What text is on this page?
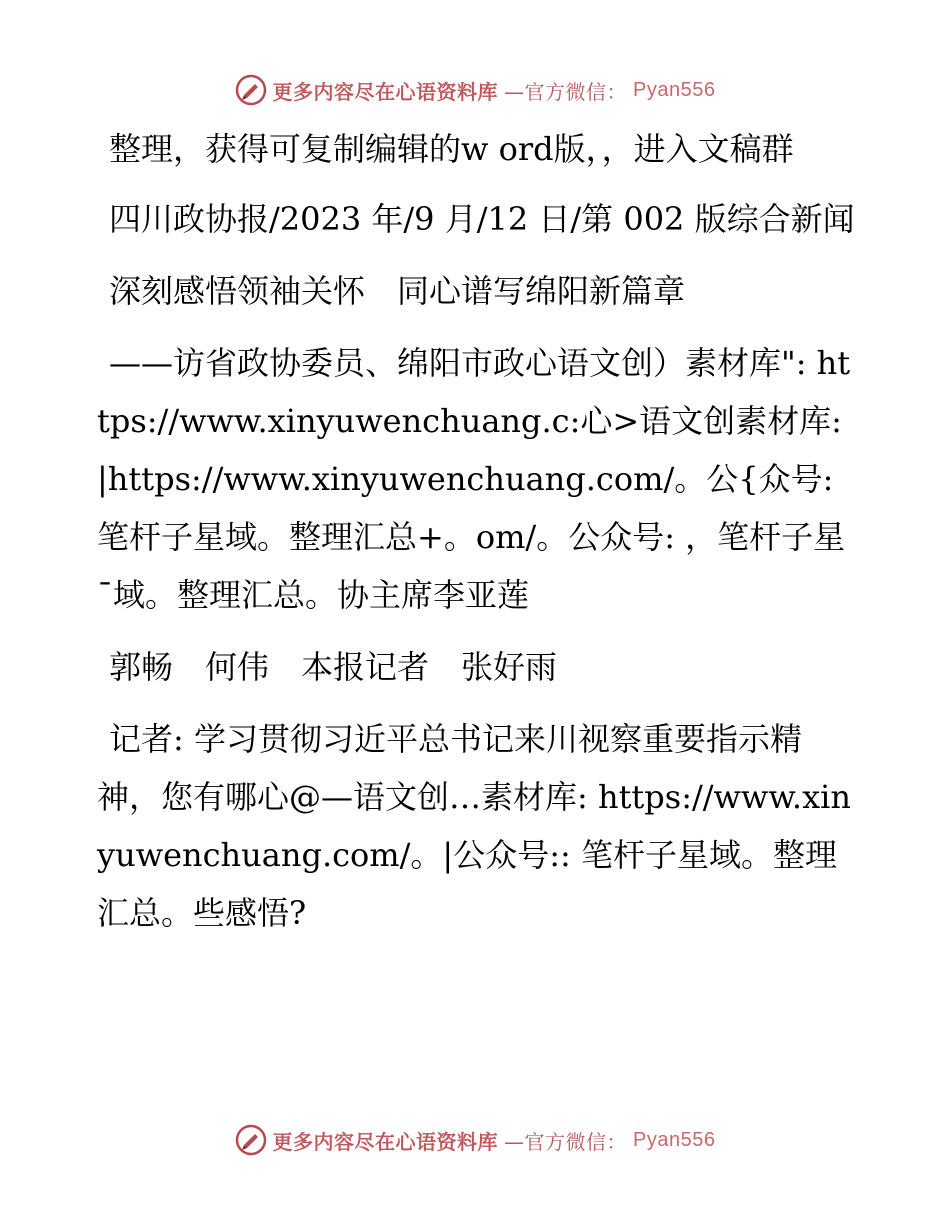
更多内容尽在心语资料库 —官方微信： Pyan556

整理，获得可复制编辑的w ord版，，进入文稿群

四川政协报/2023 年/9 月/12 日/第 002 版综合新闻

深刻感悟领袖关怀　同心谱写绵阳新篇章

——访省政协委员、绵阳市政心语文创）素材库": https://www.xinyuwenchuang.c:心>语文创素材库: |https://www.xinyuwenchuang.com/。公{众号: 笔杆子星域。整理汇总+。om/。公众号: ，笔杆子星¯域。整理汇总。协主席李亚莲

郭畅　何伟　本报记者　张好雨

记者: 学习贯彻习近平总书记来川视察重要指示精神，您有哪心@—语文创…素材库: https://www.xinyuwenchuang.com/。|公众号:: 笔杆子星域。整理汇总。些感悟?

更多内容尽在心语资料库 —官方微信： Pyan556
